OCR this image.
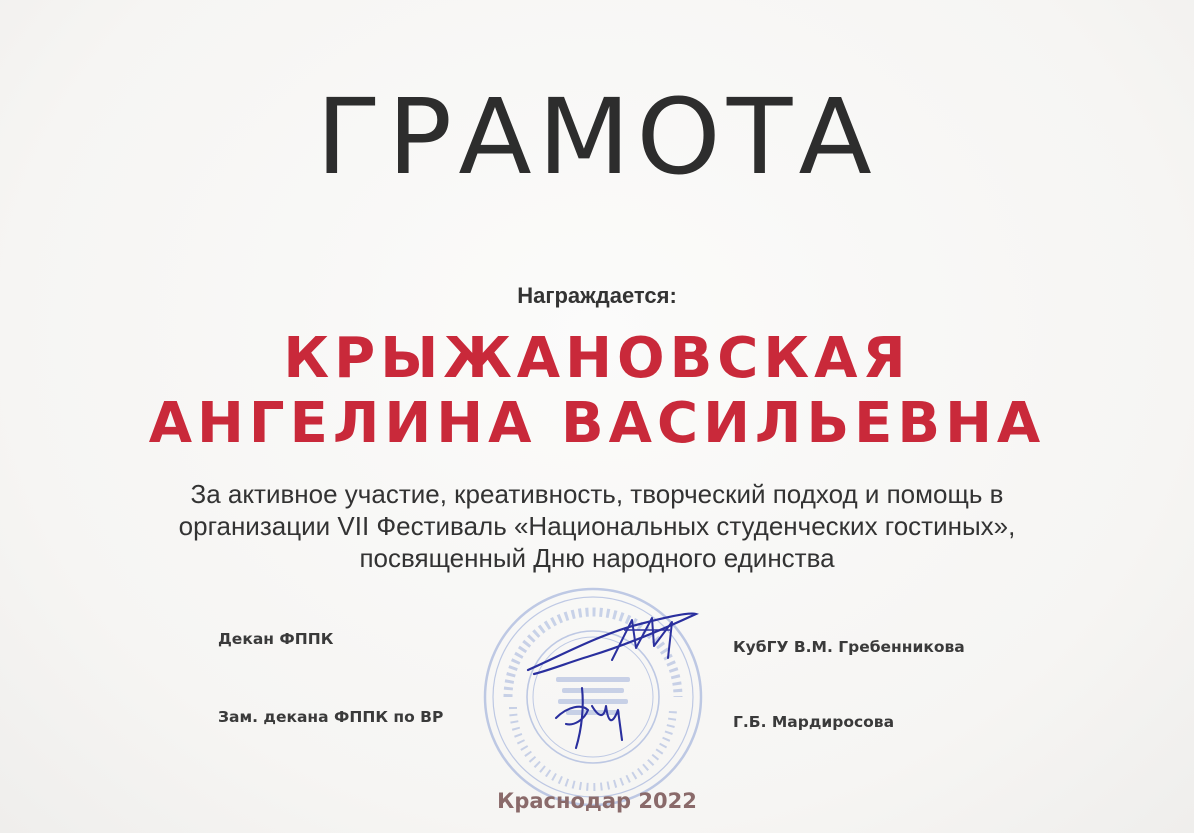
ГРАМОТА
Награждается:
КРЫЖАНОВСКАЯ
АНГЕЛИНА ВАСИЛЬЕВНА
За активное участие, креативность, творческий подход и помощь в
организации VII Фестиваль «Национальных студенческих гостиных»,
посвященный Дню народного единства
Декан ФППК	КубГУ В.М. Гребенникова
Зам. декана ФППК по ВР	Г.Б. Мардиросова
Краснодар 2022
